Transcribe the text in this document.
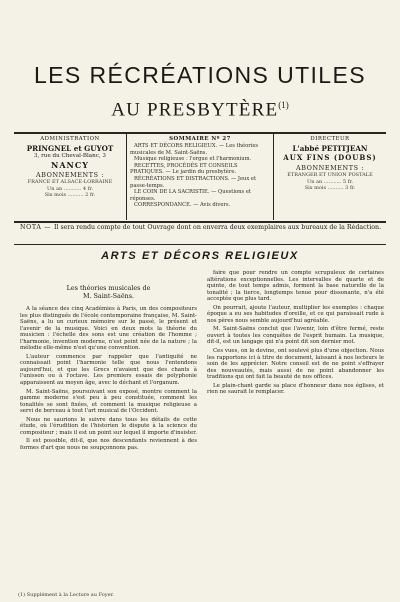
LES RÉCRÉATIONS UTILES
AU PRESBYTÈRE$^{(1)}$
ADMINISTRATION
PRINGNEL et GUYOT
3, rue du Cheval-Blanc, 3
NANCY
ABONNEMENTS :
FRANCE ET ALSACE-LORRAINE
Un an ........... 4 fr.
Six mois .......... 2 fr.
SOMMAIRE Nº 27

ARTS ET DÉCORS RELIGIEUX. — Les théories musicales de M. Saint-Saëns.

Musique religieuse : l'orgue et l'harmonium.

RECETTES, PROCÉDÉS ET CONSEILS PRATIQUES. — Le jardin du presbytère.

RÉCRÉATIONS ET DISTRACTIONS. — Jeux et passe-temps.

LE COIN DE LA SACRISTIE. — Questions et réponses.

CORRESPONDANCE. — Avis divers.

DIRECTEUR
L'abbé PETITJEAN
AUX FINS (DOUBS)
ABONNEMENTS :
ÉTRANGER ET UNION POSTALE
Un an ........... 5 fr.
Six mois .......... 3 fr.
NOTA — Il sera rendu compte de tout Ouvrage dont on enverra deux exemplaires aux bureaux de la Rédaction.
ARTS ET DÉCORS RELIGIEUX
Les théories musicales de
M. Saint-Saëns.

A la séance des cinq Académies à Paris, un des compositeurs les plus distingués de l'école contemporaine française, M. Saint-Saëns, a lu un curieux mémoire sur le passé, le présent et l'avenir de la musique. Voici en deux mots la théorie du musicien : l'échelle des sons est une création de l'homme ; l'harmonie, invention moderne, n'est point née de la nature ; la mélodie elle-même n'est qu'une convention.

L'auteur commence par rappeler que l'antiquité ne connaissait point l'harmonie telle que nous l'entendons aujourd'hui, et que les Grecs n'avaient que des chants à l'unisson ou à l'octave. Les premiers essais de polyphonie apparaissent au moyen âge, avec le déchant et l'organum.

M. Saint-Saëns, poursuivant son exposé, montre comment la gamme moderne s'est peu à peu constituée, comment les tonalités se sont fixées, et comment la musique religieuse a servi de berceau à tout l'art musical de l'Occident.

Nous ne saurions le suivre dans tous les détails de cette étude, où l'érudition de l'historien le dispute à la science du compositeur ; mais il est un point sur lequel il importe d'insister.

Il est possible, dit-il, que nos descendants reviennent à des formes d'art que nous ne soupçonnons pas.

faire que pour rendre un compte scrupuleux de certaines altérations exceptionnelles. Les intervalles de quarte et de quinte, de tout temps admis, forment la base naturelle de la tonalité ; la tierce, longtemps tenue pour dissonante, n'a été acceptée que plus tard.

On pourrait, ajoute l'auteur, multiplier les exemples : chaque époque a eu ses habitudes d'oreille, et ce qui paraissait rude à nos pères nous semble aujourd'hui agréable.

M. Saint-Saëns conclut que l'avenir, loin d'être fermé, reste ouvert à toutes les conquêtes de l'esprit humain. La musique, dit-il, est un langage qui n'a point dit son dernier mot.

Ces vues, on le devine, ont soulevé plus d'une objection. Nous les rapportons ici à titre de document, laissant à nos lecteurs le soin de les apprécier. Notre conseil est de ne point s'effrayer des nouveautés, mais aussi de ne point abandonner les traditions qui ont fait la beauté de nos offices.

Le plain-chant garde sa place d'honneur dans nos églises, et rien ne saurait le remplacer.

(1) Supplément à la Lecture au Foyer.
